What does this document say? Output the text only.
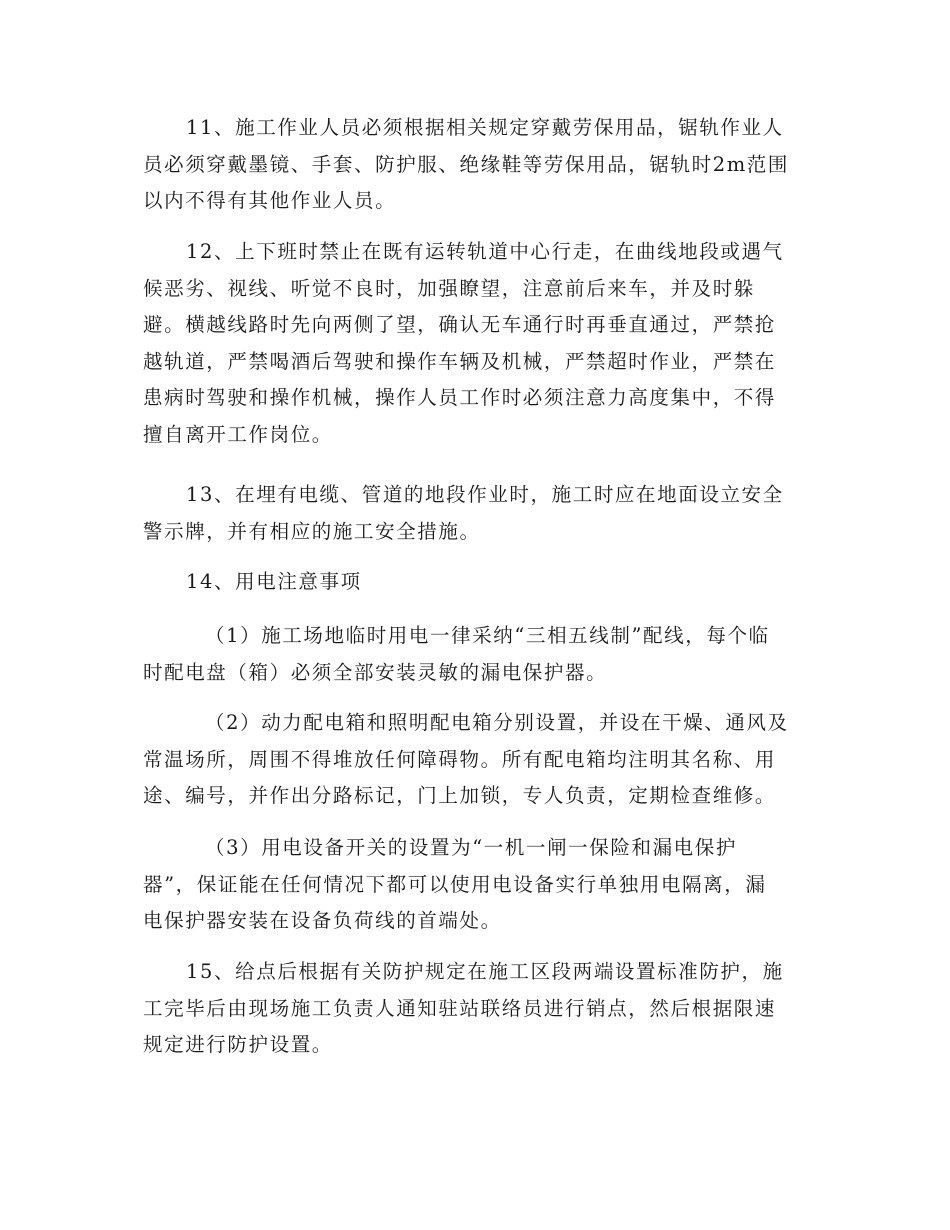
11、施工作业人员必须根据相关规定穿戴劳保用品，锯轨作业人
员必须穿戴墨镜、手套、防护服、绝缘鞋等劳保用品，锯轨时2m范围
以内不得有其他作业人员。

12、上下班时禁止在既有运转轨道中心行走，在曲线地段或遇气
候恶劣、视线、听觉不良时，加强瞭望，注意前后来车，并及时躲
避。横越线路时先向两侧了望，确认无车通行时再垂直通过，严禁抢
越轨道，严禁喝酒后驾驶和操作车辆及机械，严禁超时作业，严禁在
患病时驾驶和操作机械，操作人员工作时必须注意力高度集中，不得
擅自离开工作岗位。

13、在埋有电缆、管道的地段作业时，施工时应在地面设立安全
警示牌，并有相应的施工安全措施。

14、用电注意事项

（1）施工场地临时用电一律采纳“三相五线制”配线，每个临
时配电盘（箱）必须全部安装灵敏的漏电保护器。

（2）动力配电箱和照明配电箱分别设置，并设在干燥、通风及
常温场所，周围不得堆放任何障碍物。所有配电箱均注明其名称、用
途、编号，并作出分路标记，门上加锁，专人负责，定期检查维修。

（3）用电设备开关的设置为“一机一闸一保险和漏电保护
器”，保证能在任何情况下都可以使用电设备实行单独用电隔离，漏
电保护器安装在设备负荷线的首端处。

15、给点后根据有关防护规定在施工区段两端设置标准防护，施
工完毕后由现场施工负责人通知驻站联络员进行销点，然后根据限速
规定进行防护设置。
